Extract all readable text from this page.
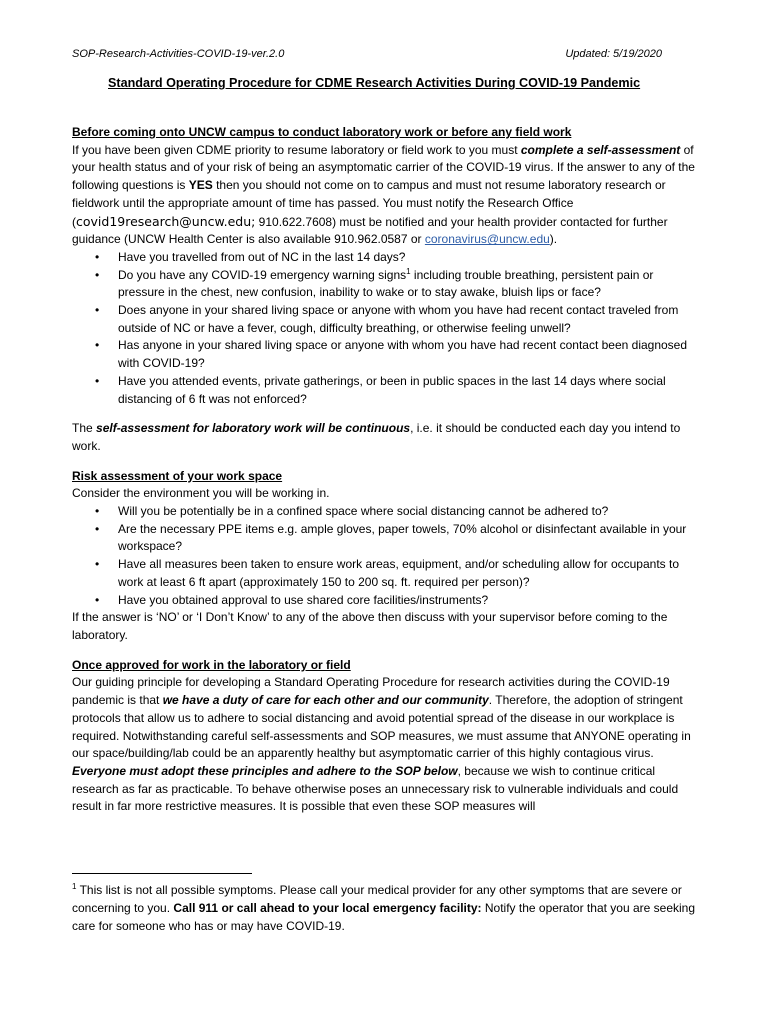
SOP-Research-Activities-COVID-19-ver.2.0	Updated: 5/19/2020
Standard Operating Procedure for CDME Research Activities During COVID-19 Pandemic

Before coming onto UNCW campus to conduct laboratory work or before any field work

If you have been given CDME priority to resume laboratory or field work to you must complete a self-assessment of your health status and of your risk of being an asymptomatic carrier of the COVID-19 virus. If the answer to any of the following questions is YES then you should not come on to campus and must not resume laboratory research or fieldwork until the appropriate amount of time has passed. You must notify the Research Office (covid19research@uncw.edu; 910.622.7608) must be notified and your health provider contacted for further guidance (UNCW Health Center is also available 910.962.0587 or coronavirus@uncw.edu).

• Have you travelled from out of NC in the last 14 days?
• Do you have any COVID-19 emergency warning signs$^1$ including trouble breathing, persistent pain or pressure in the chest, new confusion, inability to wake or to stay awake, bluish lips or face?
• Does anyone in your shared living space or anyone with whom you have had recent contact traveled from outside of NC or have a fever, cough, difficulty breathing, or otherwise feeling unwell?
• Has anyone in your shared living space or anyone with whom you have had recent contact been diagnosed with COVID-19?
• Have you attended events, private gatherings, or been in public spaces in the last 14 days where social distancing of 6 ft was not enforced?

The self-assessment for laboratory work will be continuous, i.e. it should be conducted each day you intend to work.

Risk assessment of your work space

Consider the environment you will be working in.

• Will you be potentially be in a confined space where social distancing cannot be adhered to?
• Are the necessary PPE items e.g. ample gloves, paper towels, 70% alcohol or disinfectant available in your workspace?
• Have all measures been taken to ensure work areas, equipment, and/or scheduling allow for occupants to work at least 6 ft apart (approximately 150 to 200 sq. ft. required per person)?
• Have you obtained approval to use shared core facilities/instruments?

If the answer is ‘NO’ or ‘I Don’t Know’ to any of the above then discuss with your supervisor before coming to the laboratory.

Once approved for work in the laboratory or field

Our guiding principle for developing a Standard Operating Procedure for research activities during the COVID-19 pandemic is that we have a duty of care for each other and our community. Therefore, the adoption of stringent protocols that allow us to adhere to social distancing and avoid potential spread of the disease in our workplace is required. Notwithstanding careful self-assessments and SOP measures, we must assume that ANYONE operating in our space/building/lab could be an apparently healthy but asymptomatic carrier of this highly contagious virus. Everyone must adopt these principles and adhere to the SOP below, because we wish to continue critical research as far as practicable. To behave otherwise poses an unnecessary risk to vulnerable individuals and could result in far more restrictive measures. It is possible that even these SOP measures will

$^1$ This list is not all possible symptoms. Please call your medical provider for any other symptoms that are severe or concerning to you. Call 911 or call ahead to your local emergency facility: Notify the operator that you are seeking care for someone who has or may have COVID-19.
